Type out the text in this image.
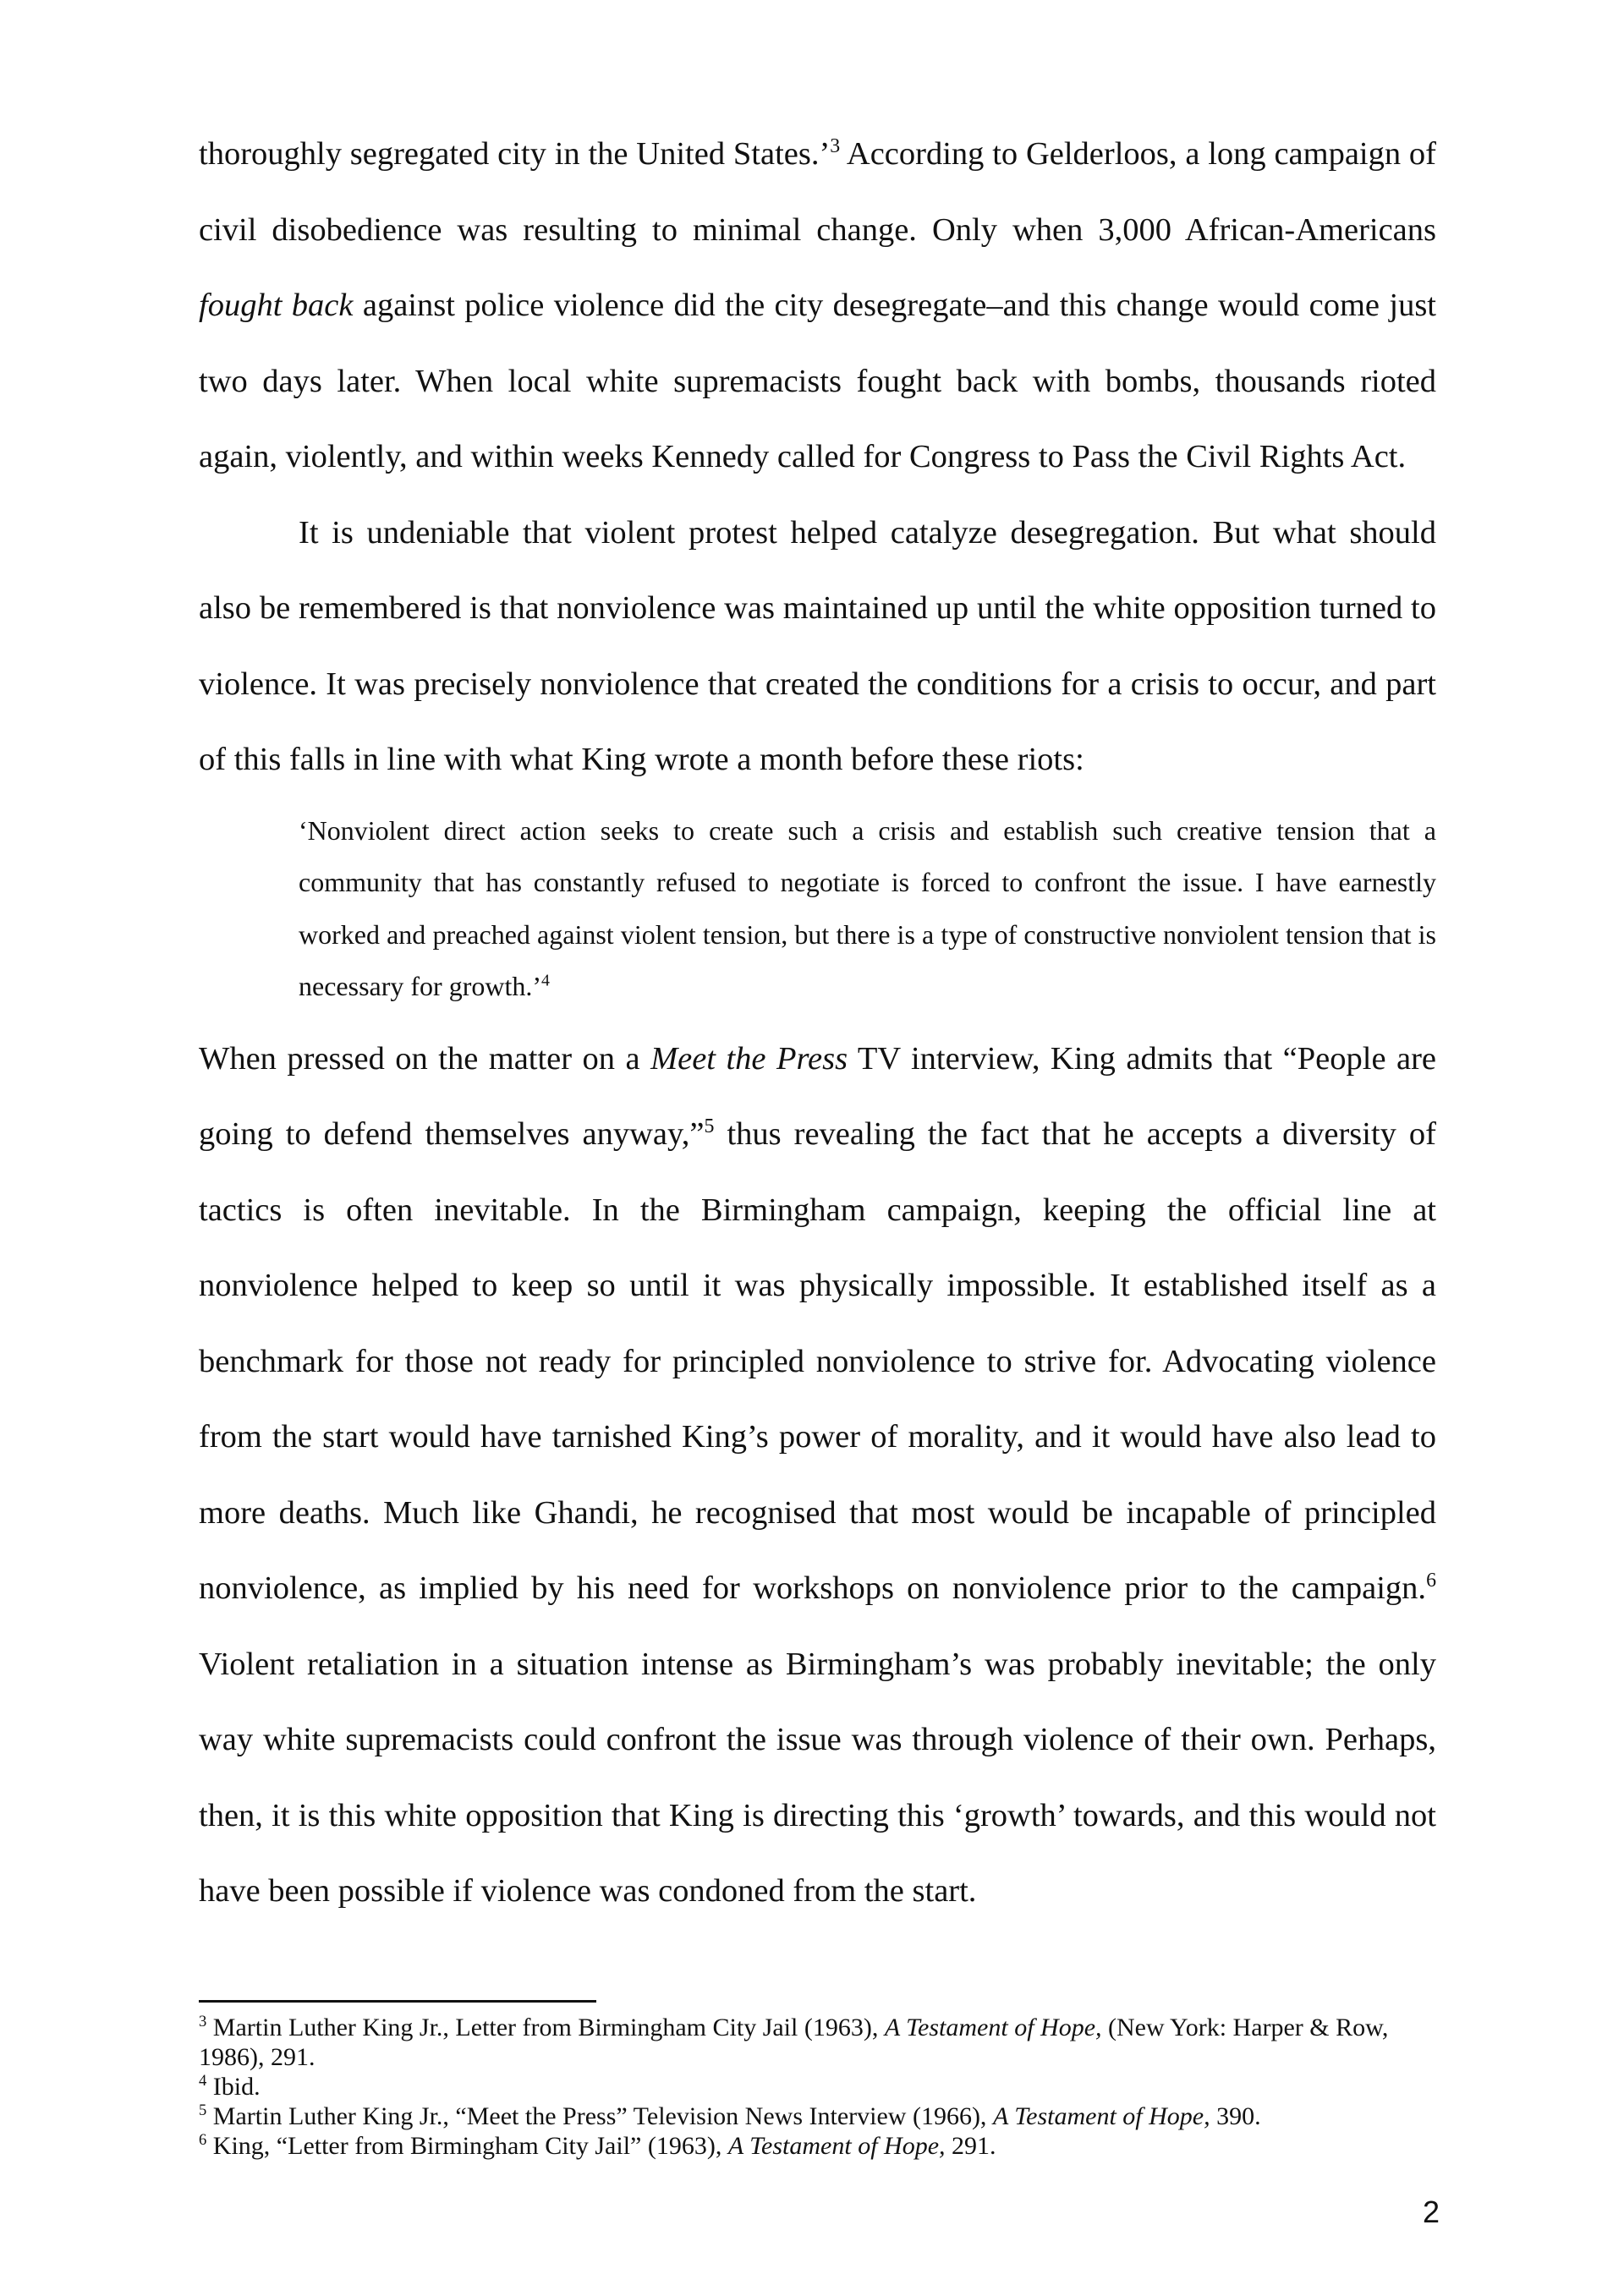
thoroughly segregated city in the United States.’$^3$ According to Gelderloos, a long campaign of civil disobedience was resulting to minimal change. Only when 3,000 African-Americans fought back against police violence did the city desegregate–and this change would come just two days later. When local white supremacists fought back with bombs, thousands rioted again, violently, and within weeks Kennedy called for Congress to Pass the Civil Rights Act.

It is undeniable that violent protest helped catalyze desegregation. But what should also be remembered is that nonviolence was maintained up until the white opposition turned to violence. It was precisely nonviolence that created the conditions for a crisis to occur, and part of this falls in line with what King wrote a month before these riots:

‘Nonviolent direct action seeks to create such a crisis and establish such creative tension that a community that has constantly refused to negotiate is forced to confront the issue. I have earnestly worked and preached against violent tension, but there is a type of constructive nonviolent tension that is necessary for growth.’$^4$

When pressed on the matter on a Meet the Press TV interview, King admits that “People are going to defend themselves anyway,”$^5$ thus revealing the fact that he accepts a diversity of tactics is often inevitable. In the Birmingham campaign, keeping the official line at nonviolence helped to keep so until it was physically impossible. It established itself as a benchmark for those not ready for principled nonviolence to strive for. Advocating violence from the start would have tarnished King’s power of morality, and it would have also lead to more deaths. Much like Ghandi, he recognised that most would be incapable of principled nonviolence, as implied by his need for workshops on nonviolence prior to the campaign.$^6$ Violent retaliation in a situation intense as Birmingham’s was probably inevitable; the only way white supremacists could confront the issue was through violence of their own. Perhaps, then, it is this white opposition that King is directing this ‘growth’ towards, and this would not have been possible if violence was condoned from the start.

$^3$ Martin Luther King Jr., Letter from Birmingham City Jail (1963), A Testament of Hope, (New York: Harper & Row, 1986), 291.

$^4$ Ibid.

$^5$ Martin Luther King Jr., “Meet the Press” Television News Interview (1966), A Testament of Hope, 390.

$^6$ King, “Letter from Birmingham City Jail” (1963), A Testament of Hope, 291.

2
